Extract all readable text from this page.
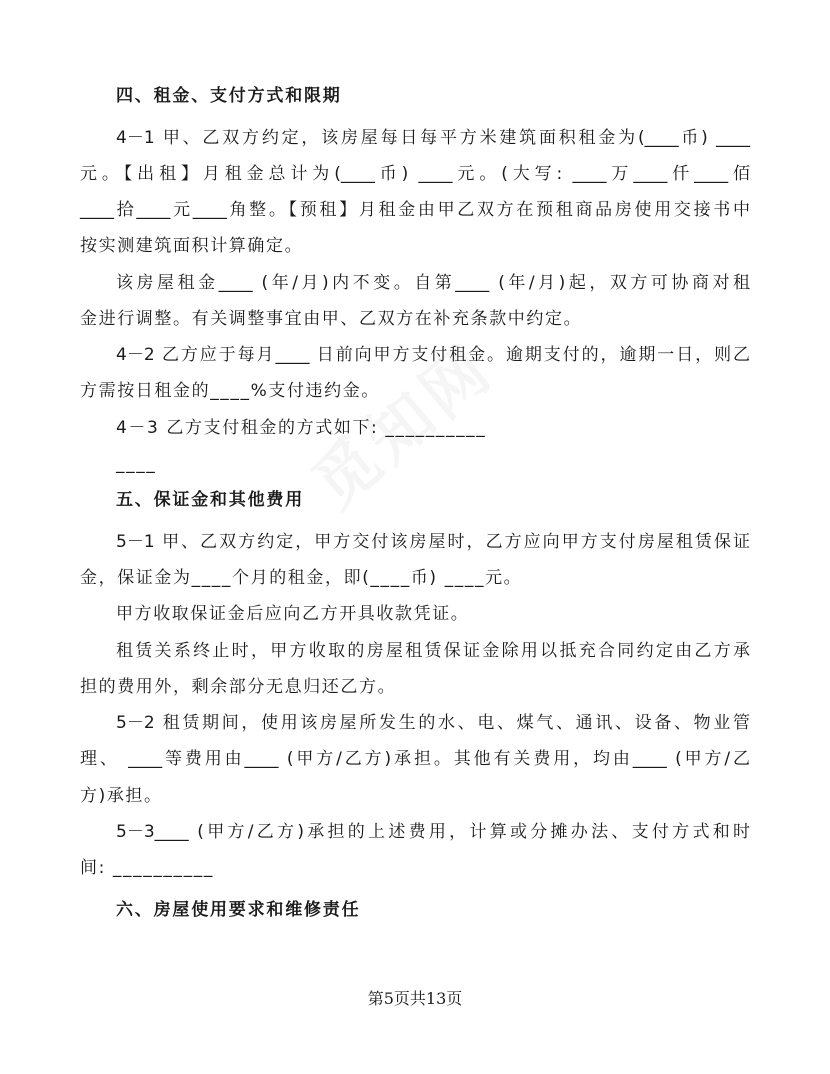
四、租金、支付方式和限期
4－1 甲、乙双方约定，该房屋每日每平方米建筑面积租金为(____币) ____
元。【出租】月租金总计为(____币) ____元。(大写: ____万____仟____佰
____拾____元____角整。【预租】月租金由甲乙双方在预租商品房使用交接书中
按实测建筑面积计算确定。
该房屋租金____ (年/月)内不变。自第____ (年/月)起，双方可协商对租
金进行调整。有关调整事宜由甲、乙双方在补充条款中约定。
4－2 乙方应于每月____ 日前向甲方支付租金。逾期支付的，逾期一日，则乙
方需按日租金的____%支付违约金。
4－3 乙方支付租金的方式如下: __________
____
五、保证金和其他费用
5－1 甲、乙双方约定，甲方交付该房屋时，乙方应向甲方支付房屋租赁保证
金，保证金为____个月的租金，即(____币) ____元。
甲方收取保证金后应向乙方开具收款凭证。
租赁关系终止时，甲方收取的房屋租赁保证金除用以抵充合同约定由乙方承
担的费用外，剩余部分无息归还乙方。
5－2 租赁期间，使用该房屋所发生的水、电、煤气、通讯、设备、物业管
理、 ____等费用由____ (甲方/乙方)承担。其他有关费用，均由____ (甲方/乙
方)承担。
5－3____ (甲方/乙方)承担的上述费用，计算或分摊办法、支付方式和时
间: __________
六、房屋使用要求和维修责任
第5页共13页
